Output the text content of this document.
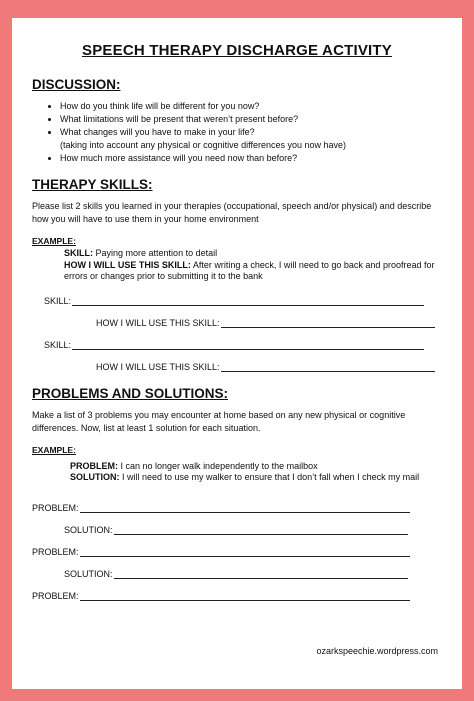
SPEECH THERAPY DISCHARGE ACTIVITY
DISCUSSION:
• How do you think life will be different for you now?
• What limitations will be present that weren’t present before?
• What changes will you have to make in your life?
(taking into account any physical or cognitive differences you now have)
• How much more assistance will you need now than before?
THERAPY SKILLS:
Please list 2 skills you learned in your therapies (occupational, speech and/or physical) and describe how you will have to use them in your home environment
EXAMPLE:
SKILL: Paying more attention to detail
HOW I WILL USE THIS SKILL: After writing a check, I will need to go back and proofread for errors or changes prior to submitting it to the bank
SKILL:
HOW I WILL USE THIS SKILL:
SKILL:
HOW I WILL USE THIS SKILL:
PROBLEMS AND SOLUTIONS:
Make a list of 3 problems you may encounter at home based on any new physical or cognitive differences. Now, list at least 1 solution for each situation.
EXAMPLE:
PROBLEM: I can no longer walk independently to the mailbox
SOLUTION: I will need to use my walker to ensure that I don’t fall when I check my mail
PROBLEM:
SOLUTION:
PROBLEM:
SOLUTION:
PROBLEM:
ozarkspeechie.wordpress.com
